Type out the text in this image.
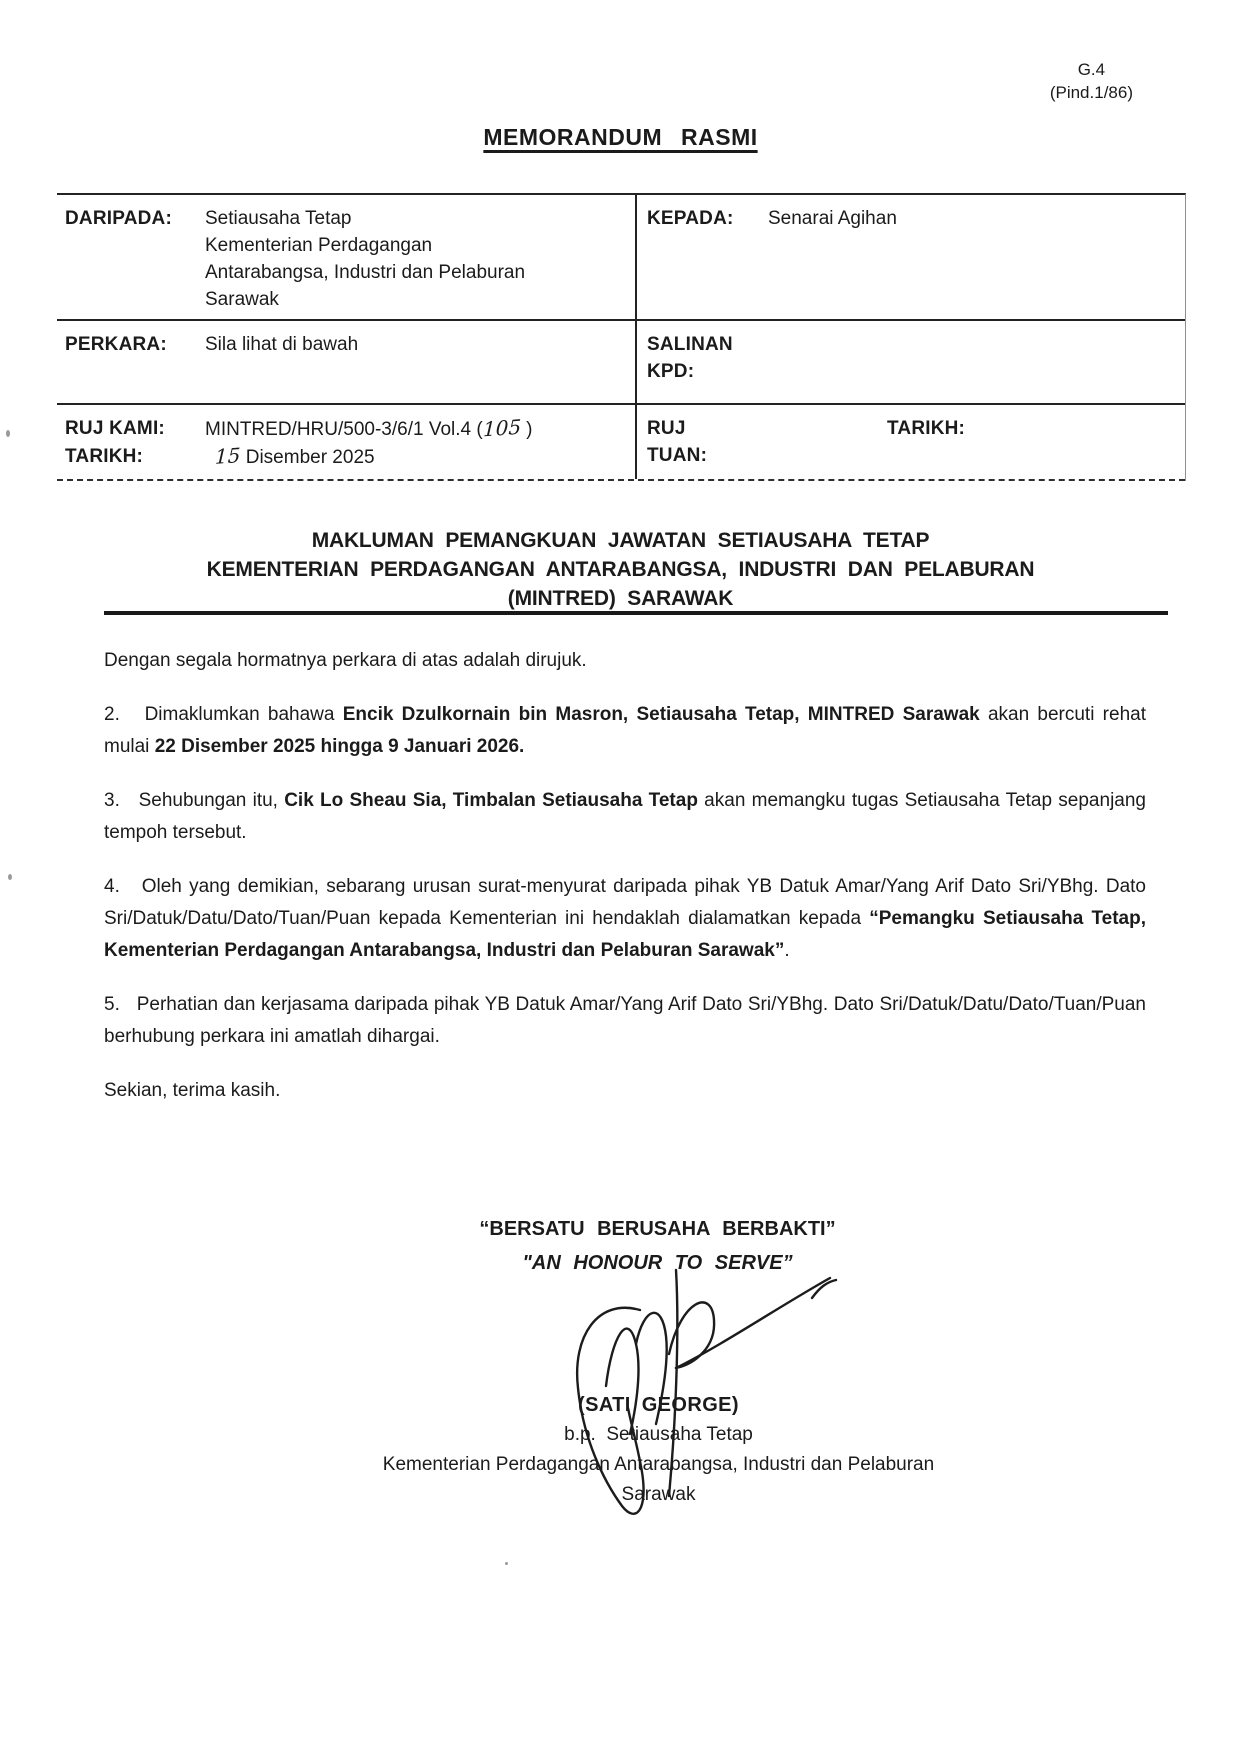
G.4
(Pind.1/86)
MEMORANDUM RASMI
DARIPADA:	Setiausaha Tetap
Kementerian Perdagangan
Antarabangsa, Industri dan Pelaburan
Sarawak
KEPADA:	Senarai Agihan
PERKARA:	Sila lihat di bawah	SALINAN
KPD:
RUJ KAMI:	MINTRED/HRU/500-3/6/1 Vol.4 (105 )
TARIKH:	15 Disember 2025
RUJ
TUAN:
TARIKH:
MAKLUMAN PEMANGKUAN JAWATAN SETIAUSAHA TETAP
KEMENTERIAN PERDAGANGAN ANTARABANGSA, INDUSTRI DAN PELABURAN
(MINTRED) SARAWAK

Dengan segala hormatnya perkara di atas adalah dirujuk.

2.   Dimaklumkan bahawa Encik Dzulkornain bin Masron, Setiausaha Tetap, MINTRED Sarawak akan bercuti rehat mulai 22 Disember 2025 hingga 9 Januari 2026.

3.   Sehubungan itu, Cik Lo Sheau Sia, Timbalan Setiausaha Tetap akan memangku tugas Setiausaha Tetap sepanjang tempoh tersebut.

4.   Oleh yang demikian, sebarang urusan surat-menyurat daripada pihak YB Datuk Amar/Yang Arif Dato Sri/YBhg. Dato Sri/Datuk/Datu/Dato/Tuan/Puan kepada Kementerian ini hendaklah dialamatkan kepada “Pemangku Setiausaha Tetap, Kementerian Perdagangan Antarabangsa, Industri dan Pelaburan Sarawak”.

5.   Perhatian dan kerjasama daripada pihak YB Datuk Amar/Yang Arif Dato Sri/YBhg. Dato Sri/Datuk/Datu/Dato/Tuan/Puan berhubung perkara ini amatlah dihargai.

Sekian, terima kasih.

“BERSATU BERUSAHA BERBAKTI”
"AN HONOUR TO SERVE”
(SATI GEORGE)
b.p.  Setiausaha Tetap
Kementerian Perdagangan Antarabangsa, Industri dan Pelaburan
Sarawak
